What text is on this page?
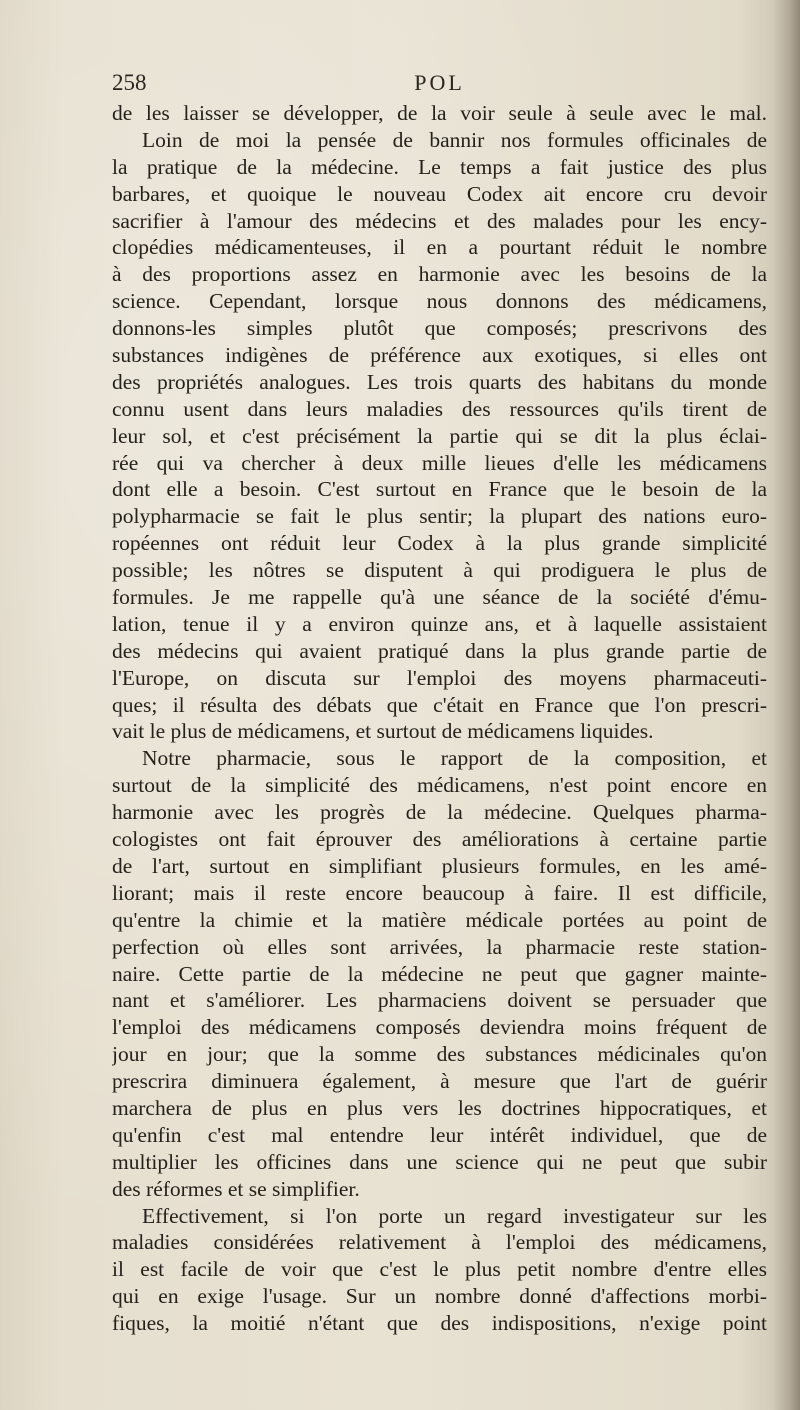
258	POL
de les laisser se développer, de la voir seule à seule avec le mal.
Loin de moi la pensée de bannir nos formules officinales de
la pratique de la médecine. Le temps a fait justice des plus
barbares, et quoique le nouveau Codex ait encore cru devoir
sacrifier à l'amour des médecins et des malades pour les ency-
clopédies médicamenteuses, il en a pourtant réduit le nombre
à des proportions assez en harmonie avec les besoins de la
science. Cependant, lorsque nous donnons des médicamens,
donnons-les simples plutôt que composés; prescrivons des
substances indigènes de préférence aux exotiques, si elles ont
des propriétés analogues. Les trois quarts des habitans du monde
connu usent dans leurs maladies des ressources qu'ils tirent de
leur sol, et c'est précisément la partie qui se dit la plus éclai-
rée qui va chercher à deux mille lieues d'elle les médicamens
dont elle a besoin. C'est surtout en France que le besoin de la
polypharmacie se fait le plus sentir; la plupart des nations euro-
ropéennes ont réduit leur Codex à la plus grande simplicité
possible; les nôtres se disputent à qui prodiguera le plus de
formules. Je me rappelle qu'à une séance de la société d'ému-
lation, tenue il y a environ quinze ans, et à laquelle assistaient
des médecins qui avaient pratiqué dans la plus grande partie de
l'Europe, on discuta sur l'emploi des moyens pharmaceuti-
ques; il résulta des débats que c'était en France que l'on prescri-
vait le plus de médicamens, et surtout de médicamens liquides.
Notre pharmacie, sous le rapport de la composition, et
surtout de la simplicité des médicamens, n'est point encore en
harmonie avec les progrès de la médecine. Quelques pharma-
cologistes ont fait éprouver des améliorations à certaine partie
de l'art, surtout en simplifiant plusieurs formules, en les amé-
liorant; mais il reste encore beaucoup à faire. Il est difficile,
qu'entre la chimie et la matière médicale portées au point de
perfection où elles sont arrivées, la pharmacie reste station-
naire. Cette partie de la médecine ne peut que gagner mainte-
nant et s'améliorer. Les pharmaciens doivent se persuader que
l'emploi des médicamens composés deviendra moins fréquent de
jour en jour; que la somme des substances médicinales qu'on
prescrira diminuera également, à mesure que l'art de guérir
marchera de plus en plus vers les doctrines hippocratiques, et
qu'enfin c'est mal entendre leur intérêt individuel, que de
multiplier les officines dans une science qui ne peut que subir
des réformes et se simplifier.
Effectivement, si l'on porte un regard investigateur sur les
maladies considérées relativement à l'emploi des médicamens,
il est facile de voir que c'est le plus petit nombre d'entre elles
qui en exige l'usage. Sur un nombre donné d'affections morbi-
fiques, la moitié n'étant que des indispositions, n'exige point
